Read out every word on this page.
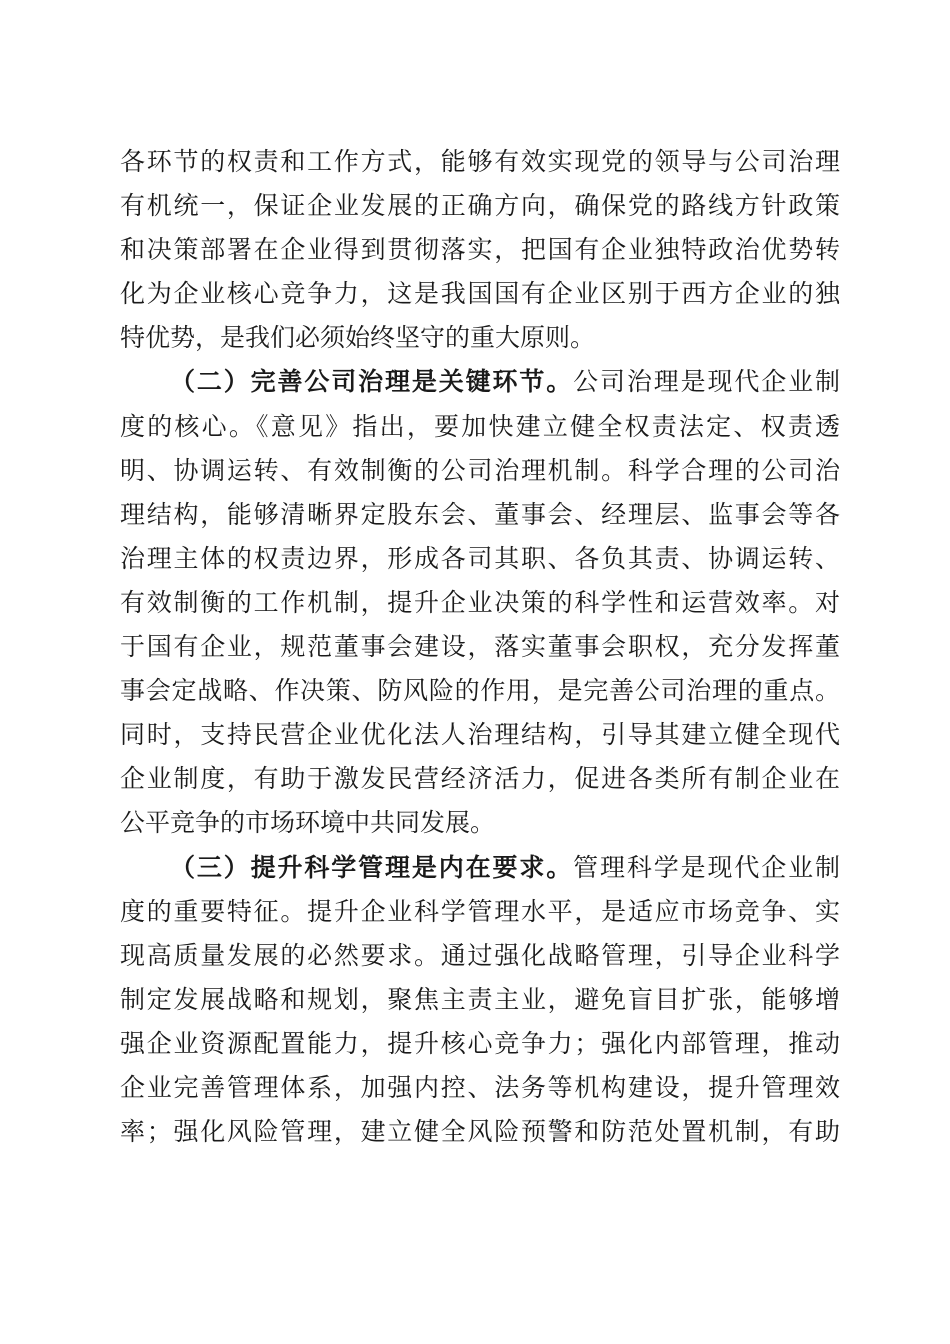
各环节的权责和工作方式，能够有效实现党的领导与公司治理
有机统一，保证企业发展的正确方向，确保党的路线方针政策
和决策部署在企业得到贯彻落实，把国有企业独特政治优势转
化为企业核心竞争力，这是我国国有企业区别于西方企业的独
特优势，是我们必须始终坚守的重大原则。
（二）完善公司治理是关键环节。公司治理是现代企业制
度的核心。《意见》指出，要加快建立健全权责法定、权责透
明、协调运转、有效制衡的公司治理机制。科学合理的公司治
理结构，能够清晰界定股东会、董事会、经理层、监事会等各
治理主体的权责边界，形成各司其职、各负其责、协调运转、
有效制衡的工作机制，提升企业决策的科学性和运营效率。对
于国有企业，规范董事会建设，落实董事会职权，充分发挥董
事会定战略、作决策、防风险的作用，是完善公司治理的重点。
同时，支持民营企业优化法人治理结构，引导其建立健全现代
企业制度，有助于激发民营经济活力，促进各类所有制企业在
公平竞争的市场环境中共同发展。
（三）提升科学管理是内在要求。管理科学是现代企业制
度的重要特征。提升企业科学管理水平，是适应市场竞争、实
现高质量发展的必然要求。通过强化战略管理，引导企业科学
制定发展战略和规划，聚焦主责主业，避免盲目扩张，能够增
强企业资源配置能力，提升核心竞争力；强化内部管理，推动
企业完善管理体系，加强内控、法务等机构建设，提升管理效
率；强化风险管理，建立健全风险预警和防范处置机制，有助
